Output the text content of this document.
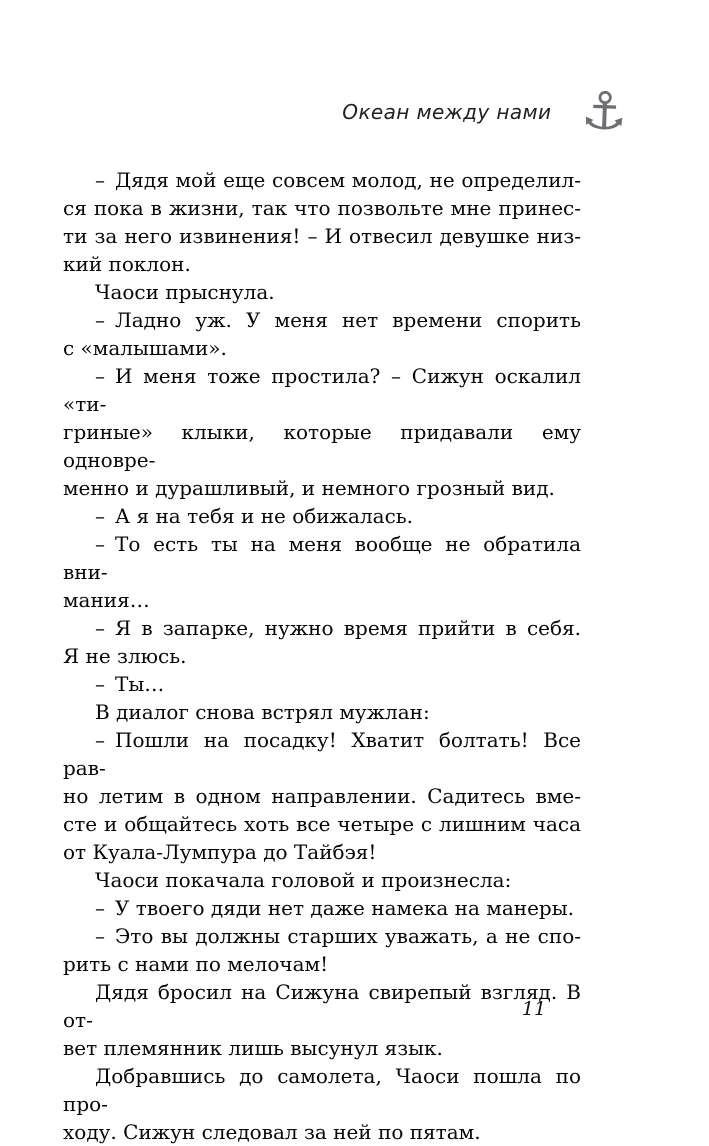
Океан между нами ⚓

– Дядя мой еще совсем молод, не определил-
ся пока в жизни, так что позвольте мне принес-
ти за него извинения! – И отвесил девушке низ-
кий поклон.

Чаоси прыснула.

– Ладно уж. У меня нет времени спорить
с «малышами».

– И меня тоже простила? – Сижун оскалил «ти-
гриные» клыки, которые придавали ему одновре-
менно и дурашливый, и немного грозный вид.

– А я на тебя и не обижалась.

– То есть ты на меня вообще не обратила вни-
мания…

– Я в запарке, нужно время прийти в себя.
Я не злюсь.

– Ты…

В диалог снова встрял мужлан:

– Пошли на посадку! Хватит болтать! Все рав-
но летим в одном направлении. Садитесь вме-
сте и общайтесь хоть все четыре с лишним часа
от Куала-Лумпура до Тайбэя!

Чаоси покачала головой и произнесла:

– У твоего дяди нет даже намека на манеры.

– Это вы должны старших уважать, а не спо-
рить с нами по мелочам!

Дядя бросил на Сижуна свирепый взгляд. В от-
вет племянник лишь высунул язык.

Добравшись до самолета, Чаоси пошла по про-
ходу. Сижун следовал за ней по пятам.

11
